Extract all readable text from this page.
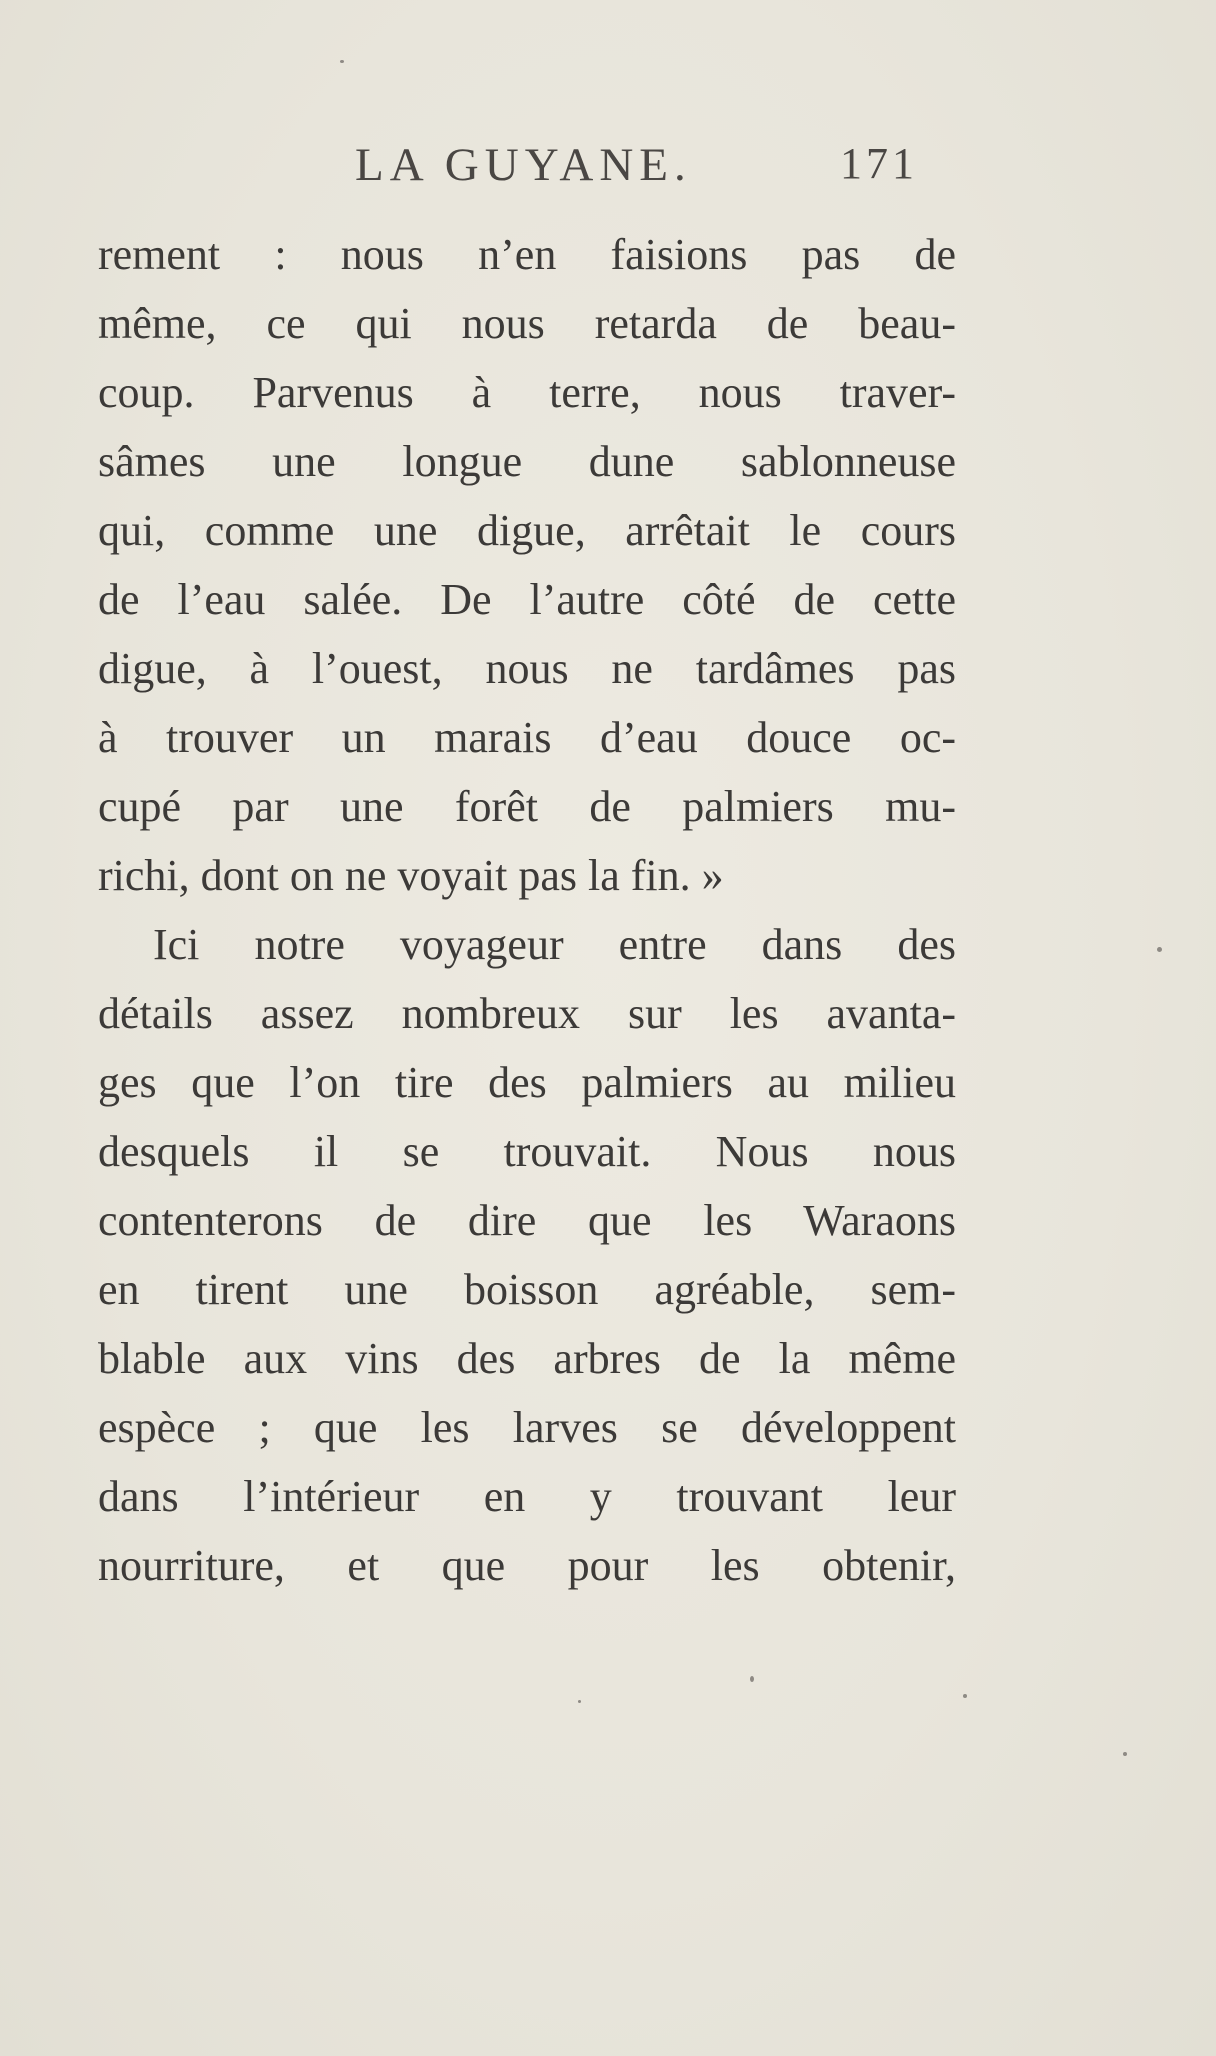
LA GUYANE.	171
rement : nous n’en faisions pas de
même, ce qui nous retarda de beau-
coup. Parvenus à terre, nous traver-
sâmes une longue dune sablonneuse
qui, comme une digue, arrêtait le cours
de l’eau salée. De l’autre côté de cette
digue, à l’ouest, nous ne tardâmes pas
à trouver un marais d’eau douce oc-
cupé par une forêt de palmiers mu-
richi, dont on ne voyait pas la fin. »
Ici notre voyageur entre dans des
détails assez nombreux sur les avanta-
ges que l’on tire des palmiers au milieu
desquels il se trouvait. Nous nous
contenterons de dire que les Waraons
en tirent une boisson agréable, sem-
blable aux vins des arbres de la même
espèce ; que les larves se développent
dans l’intérieur en y trouvant leur
nourriture, et que pour les obtenir,
